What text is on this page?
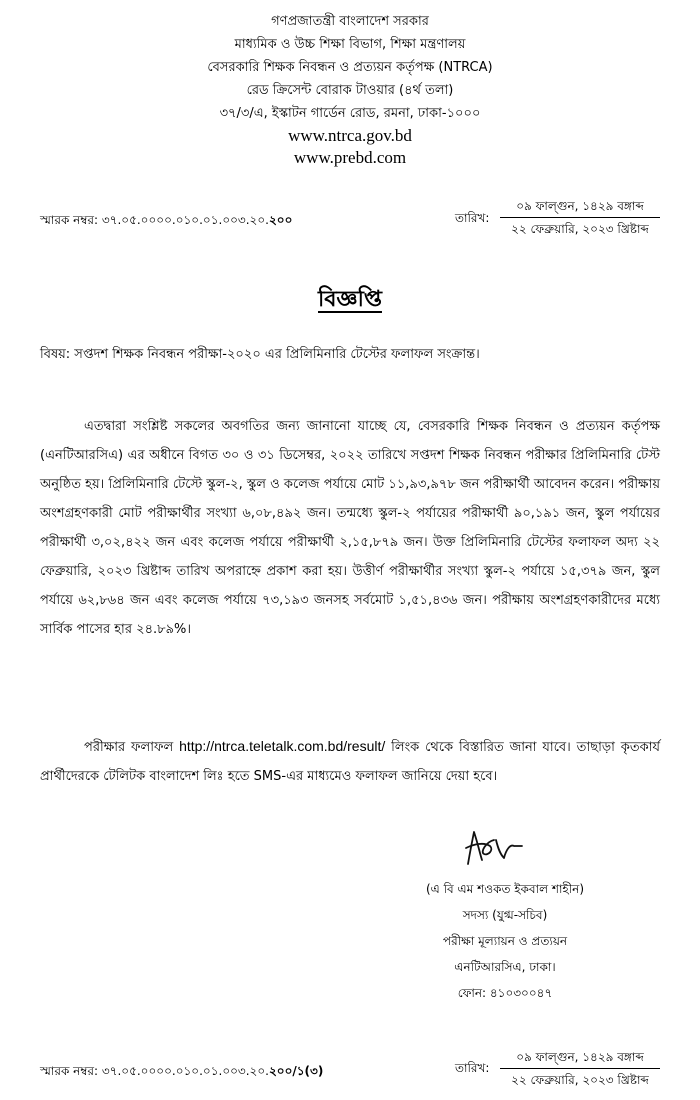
গণপ্রজাতন্ত্রী বাংলাদেশ সরকার
মাধ্যমিক ও উচ্চ শিক্ষা বিভাগ, শিক্ষা মন্ত্রণালয়
বেসরকারি শিক্ষক নিবন্ধন ও প্রত্যয়ন কর্তৃপক্ষ (NTRCA)
রেড ক্রিসেন্ট বোরাক টাওয়ার (৪র্থ তলা)
৩৭/৩/এ, ইস্কাটন গার্ডেন রোড, রমনা, ঢাকা-১০০০
www.ntrca.gov.bd
www.prebd.com
স্মারক নম্বর: ৩৭.০৫.০০০০.০১০.০১.০০৩.২০.২০০	তারিখ:
০৯ ফাল্গুন, ১৪২৯ বঙ্গাব্দ
২২ ফেব্রুয়ারি, ২০২৩ খ্রিষ্টাব্দ
বিজ্ঞপ্তি
বিষয়: সপ্তদশ শিক্ষক নিবন্ধন পরীক্ষা-২০২০ এর প্রিলিমিনারি টেস্টের ফলাফল সংক্রান্ত।
এতদ্বারা সংশ্লিষ্ট সকলের অবগতির জন্য জানানো যাচ্ছে যে, বেসরকারি শিক্ষক নিবন্ধন ও প্রত্যয়ন কর্তৃপক্ষ (এনটিআরসিএ) এর অধীনে বিগত ৩০ ও ৩১ ডিসেম্বর, ২০২২ তারিখে সপ্তদশ শিক্ষক নিবন্ধন পরীক্ষার প্রিলিমিনারি টেস্ট অনুষ্ঠিত হয়। প্রিলিমিনারি টেস্টে স্কুল-২, স্কুল ও কলেজ পর্যায়ে মোট ১১,৯৩,৯৭৮ জন পরীক্ষার্থী আবেদন করেন। পরীক্ষায় অংশগ্রহণকারী মোট পরীক্ষার্থীর সংখ্যা ৬,০৮,৪৯২ জন। তন্মধ্যে স্কুল-২ পর্যায়ের পরীক্ষার্থী ৯০,১৯১ জন, স্কুল পর্যায়ের পরীক্ষার্থী ৩,০২,৪২২ জন এবং কলেজ পর্যায়ে পরীক্ষার্থী ২,১৫,৮৭৯ জন। উক্ত প্রিলিমিনারি টেস্টের ফলাফল অদ্য ২২ ফেব্রুয়ারি, ২০২৩ খ্রিষ্টাব্দ তারিখ অপরাহ্নে প্রকাশ করা হয়। উত্তীর্ণ পরীক্ষার্থীর সংখ্যা স্কুল-২ পর্যায়ে ১৫,৩৭৯ জন, স্কুল পর্যায়ে ৬২,৮৬৪ জন এবং কলেজ পর্যায়ে ৭৩,১৯৩ জনসহ সর্বমোট ১,৫১,৪৩৬ জন। পরীক্ষায় অংশগ্রহণকারীদের মধ্যে সার্বিক পাসের হার ২৪.৮৯%।
পরীক্ষার ফলাফল http://ntrca.teletalk.com.bd/result/ লিংক থেকে বিস্তারিত জানা যাবে। তাছাড়া কৃতকার্য প্রার্থীদেরকে টেলিটক বাংলাদেশ লিঃ হতে SMS-এর মাধ্যমেও ফলাফল জানিয়ে দেয়া হবে।
(এ বি এম শওকত ইকবাল শাহীন)
সদস্য (যুগ্ম-সচিব)
পরীক্ষা মূল্যায়ন ও প্রত্যয়ন
এনটিআরসিএ, ঢাকা।
ফোন: ৪১০৩০০৪৭
স্মারক নম্বর: ৩৭.০৫.০০০০.০১০.০১.০০৩.২০.২০০/১(৩)	তারিখ:
০৯ ফাল্গুন, ১৪২৯ বঙ্গাব্দ
২২ ফেব্রুয়ারি, ২০২৩ খ্রিষ্টাব্দ
